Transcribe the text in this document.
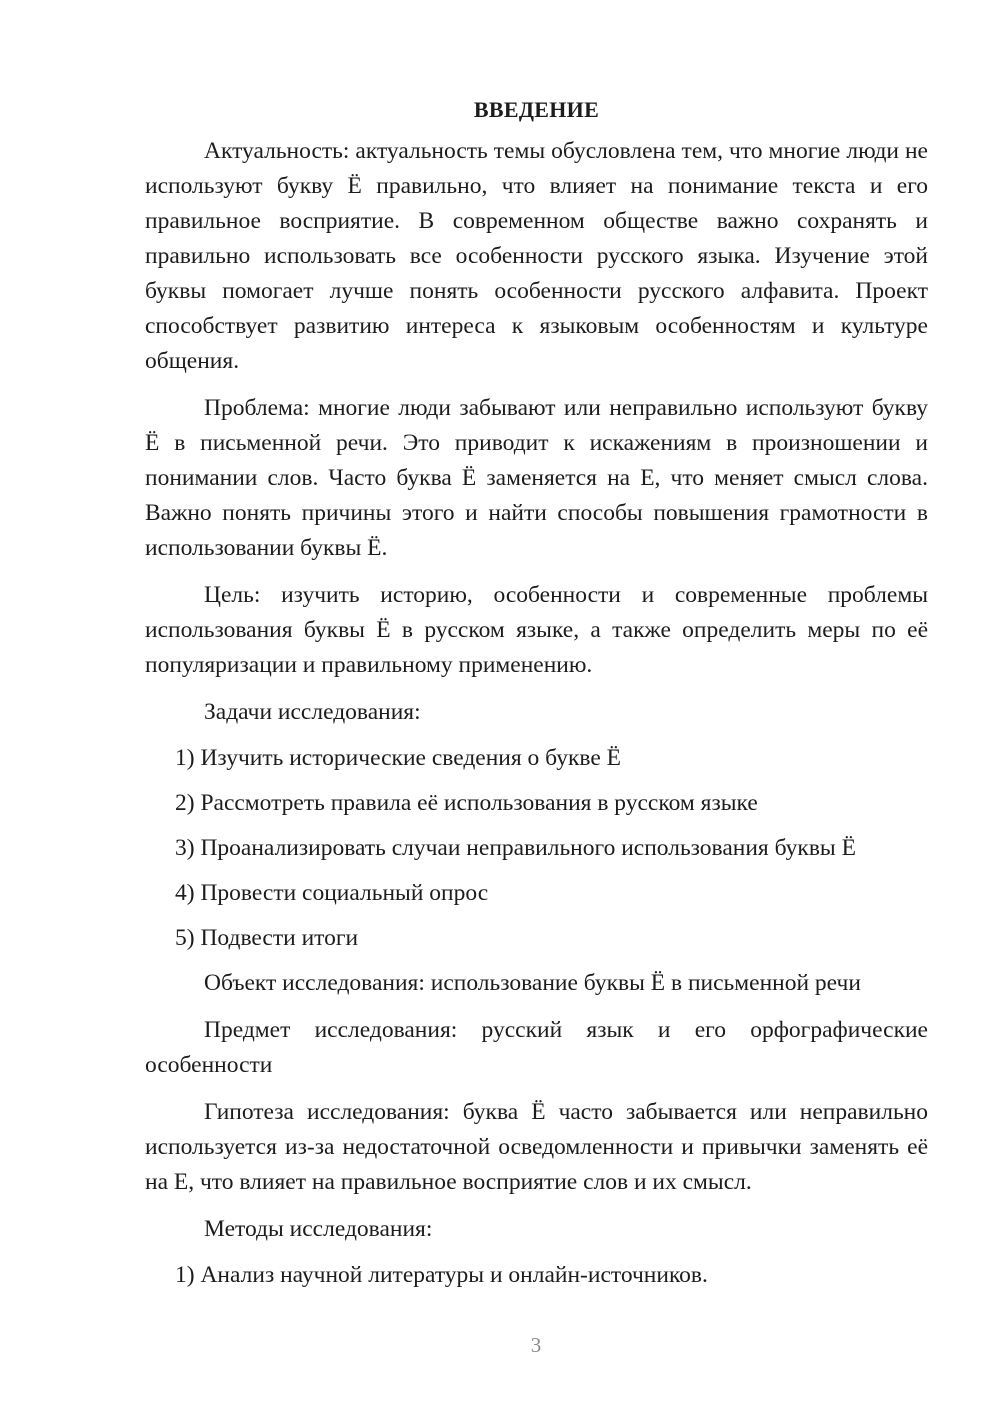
ВВЕДЕНИЕ

Актуальность: актуальность темы обусловлена тем, что многие люди не используют букву Ё правильно, что влияет на понимание текста и его правильное восприятие. В современном обществе важно сохранять и правильно использовать все особенности русского языка. Изучение этой буквы помогает лучше понять особенности русского алфавита. Проект способствует развитию интереса к языковым особенностям и культуре общения.

Проблема: многие люди забывают или неправильно используют букву Ё в письменной речи. Это приводит к искажениям в произношении и понимании слов. Часто буква Ё заменяется на Е, что меняет смысл слова. Важно понять причины этого и найти способы повышения грамотности в использовании буквы Ё.

Цель: изучить историю, особенности и современные проблемы использования буквы Ё в русском языке, а также определить меры по её популяризации и правильному применению.

Задачи исследования:

1) Изучить исторические сведения о букве Ё
2) Рассмотреть правила её использования в русском языке
3) Проанализировать случаи неправильного использования буквы Ё
4) Провести социальный опрос
5) Подвести итоги

Объект исследования: использование буквы Ё в письменной речи

Предмет исследования: русский язык и его орфографические особенности

Гипотеза исследования: буква Ё часто забывается или неправильно используется из-за недостаточной осведомленности и привычки заменять её на Е, что влияет на правильное восприятие слов и их смысл.

Методы исследования:

1) Анализ научной литературы и онлайн-источников.
3
